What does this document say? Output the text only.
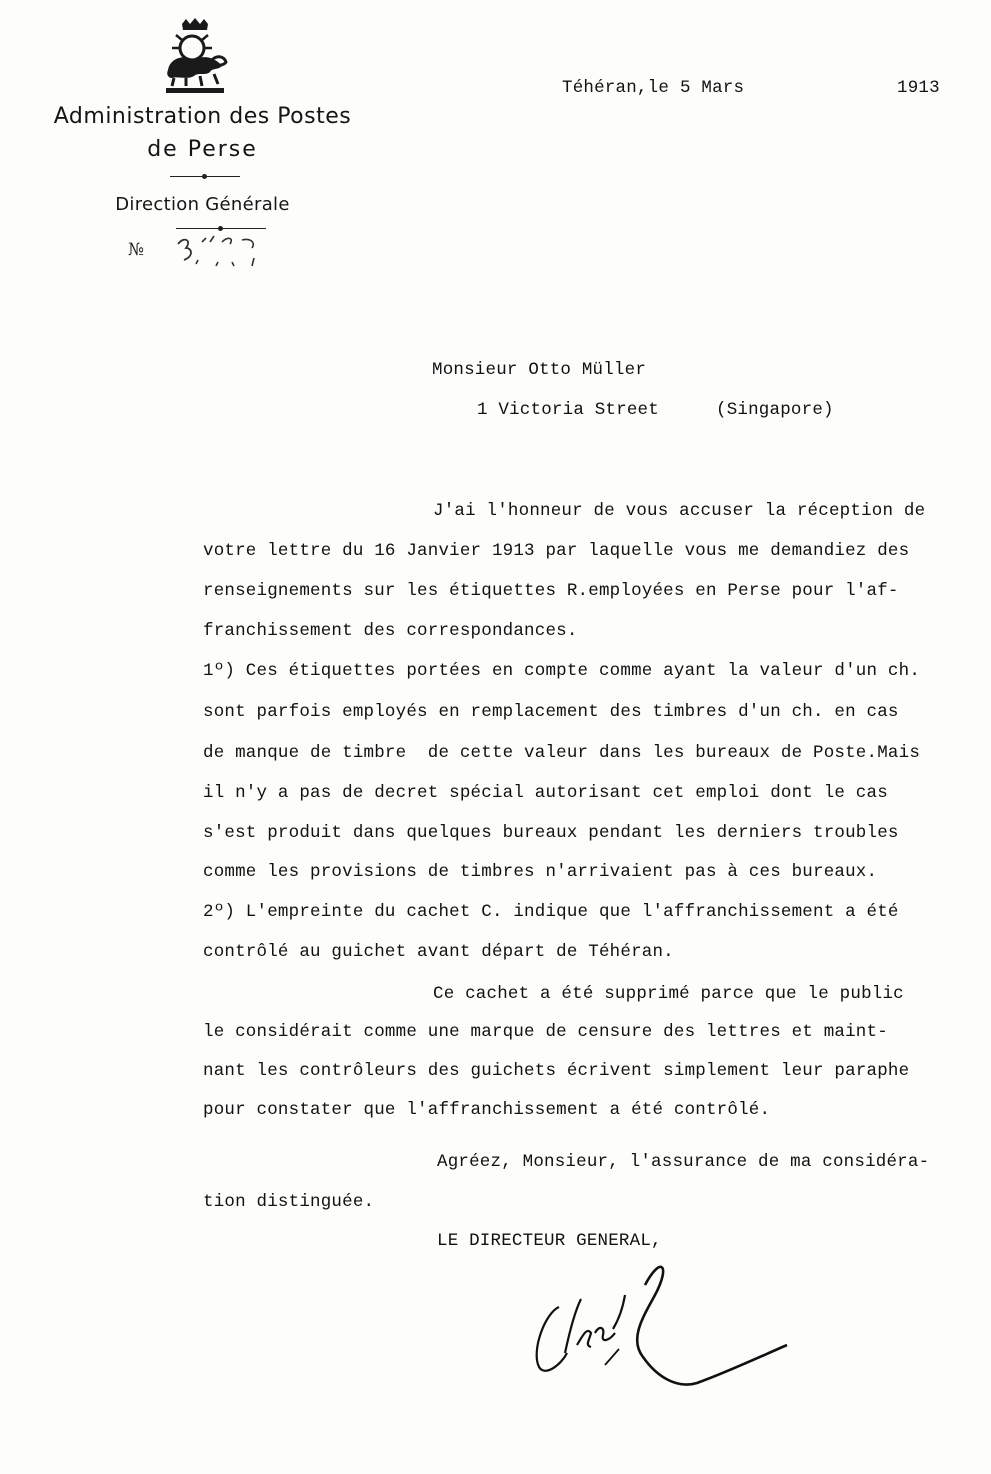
Administration des Postes
de Perse
Direction Générale
№
Téhéran,le 5 Mars	1913
Monsieur Otto Müller
1 Victoria Street	(Singapore)
J'ai l'honneur de vous accuser la réception de
votre lettre du 16 Janvier 1913 par laquelle vous me demandiez des
renseignements sur les étiquettes R.employées en Perse pour l'af-
franchissement des correspondances.
1º) Ces étiquettes portées en compte comme ayant la valeur d'un ch.
sont parfois employés en remplacement des timbres d'un ch. en cas
de manque de timbre  de cette valeur dans les bureaux de Poste.Mais
il n'y a pas de decret spécial autorisant cet emploi dont le cas
s'est produit dans quelques bureaux pendant les derniers troubles
comme les provisions de timbres n'arrivaient pas à ces bureaux.
2º) L'empreinte du cachet C. indique que l'affranchissement a été
contrôlé au guichet avant départ de Téhéran.
Ce cachet a été supprimé parce que le public
le considérait comme une marque de censure des lettres et maint-
nant les contrôleurs des guichets écrivent simplement leur paraphe
pour constater que l'affranchissement a été contrôlé.
Agréez, Monsieur, l'assurance de ma considéra-
tion distinguée.
LE DIRECTEUR GENERAL,
